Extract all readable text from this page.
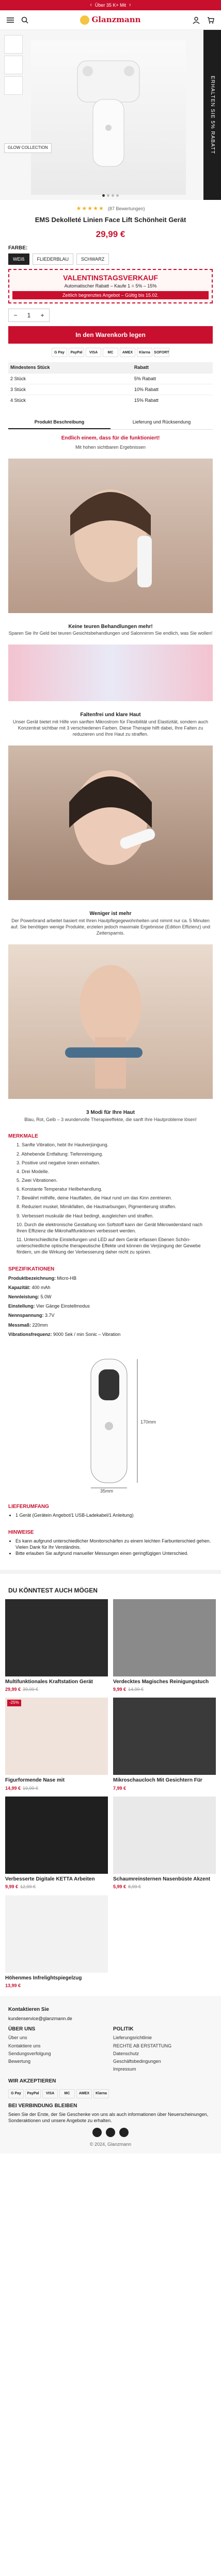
‹ Über 35 K+ Mit ›
Glanzmann
GLOW COLLECTION	ERHALTEN SIE 5% RABATT
★★★★★ (87 Bewertungen)
EMS Dekolleté Linien Face Lift Schönheit Gerät
29,99 €
FARBE:
WEIß	FLIEDERBLAU	SCHWARZ
VALENTINSTAGSVERKAUF
Automatischer Rabatt – Kaufe 1 = 5% – 15%
Zeitlich begrenztes Angebot – Gültig bis 15.02.
−	1	+
In den Warenkorb legen
G Pay	PayPal	VISA	MC	AMEX	Klarna	SOFORT
Mindestens Stück	Rabatt
2 Stück	5% Rabatt
3 Stück	10% Rabatt
4 Stück	15% Rabatt
Produkt Beschreibung	Lieferung und Rücksendung
Endlich einem, dass für die funktioniert!

Mit hohen sichtbaren Ergebnissen

Keine teuren Behandlungen mehr!

Sparen Sie Ihr Geld bei teuren Gesichtsbehandlungen und Salonnimm Sie endlich, was Sie wollen!

Faltenfrei und klare Haut

Unser Gerät bietet mit Hilfe von sanften Mikrostrom für Flexibilität und Elastizität, sondern auch Konzentrat sichtbar mit 3 verschiedenen Farben. Diese Therapie hilft dabei, Ihre Falten zu reduzieren und Ihre Haut zu straffen.

Weniger ist mehr

Der Powerbrand arbeitet basiert mit Ihren Hautpflegegewohnheiten und nimmt nur ca. 5 Minuten auf. Sie benötigen wenige Produkte, erzielen jedoch maximale Ergebnisse (Edition Effizienz) und Zeitersparnis.

3 Modi für Ihre Haut

Blau, Rot, Gelb – 3 wundervolle Therapieeffekte, die sanft Ihre Hautprobleme lösen!

MERKMALE
1. Sanfte Vibration, hebt Ihr Hautverjüngung.
2. Abhebende Entfaltung: Tiefenreinigung.
3. Positive und negative Ionen einhalten.
4. Drei Modelle.
5. Zwei Vibrationen.
6. Konstante Temperatur Heilbehandlung.
7. Bewährt mithilfe, deine Hautfalten, die Haut rund um das Kinn zentrieren.
8. Reduziert muskel, Mimikfalten, die Hautnarbungen, Pigmentierung straffen.
9. Verbessert muskulär die Haut bedingt, ausgleichen und straffen.
10. Durch die elektronische Gestaltung von Softstoff kann der Gerät Mikrowiderstand nach Ihren Effizienz die Mikrohaftfunktionen verbessert werden.
11. Unterschiedliche Einstellungen und LED auf dem Gerät erfassen Ebenen Schön-unterschiedliche optische therapeutische Effekte und können die Verjüngung der Gewebe fördern, um die Wirkung der Verbesserung daher nicht zu spüren.
SPEZIFIKATIONEN
Produktbezeichnung: Micro-HB
Kapazität: 400 mAh
Nennleistung: 5.0W
Einstellung: Vier Gänge Einstellmodus
Nennspannung: 3.7V
Messmaß: 220mm
Vibrationsfrequenz: 9000 Sek / min Sonic – Vibration
35mm
170mm
LIEFERUMFANG
• 1 Gerät (Gerätein Angebot/1 USB-Ladekabel/1 Anleitung)
HINWEISE
• Es kann aufgrund unterschiedlicher Monitorschärfen zu einem leichten Farbunterschied gehen. Vielen Dank für Ihr Verständnis.
• Bitte erlauben Sie aufgrund manueller Messungen einen geringfügigen Unterschied.
DU KÖNNTEST AUCH MÖGEN
Multifunktionales Kraftstation Gerät
29,99 € 39,99 €
Verdecktes Magisches Reinigungstuch
9,99 € 14,99 €
-25%
Figurformende Nase mit
14,99 € 19,99 €
Mikroschaucloch Mit Gesichtern Für
7,99 €
Verbesserte Digitale KETTA Arbeiten
9,99 € 12,99 €
Schaumreinsternen Nasenbüste Akzent
5,99 € 8,99 €
Höhenmes Infrelightspiegelzug
13,99 €
Kontaktieren Sie
kundenservice@glanzmann.de
ÜBER UNS
Über uns
Kontaktiere uns
Sendungsverfolgung
Bewertung
POLITIK
Lieferungsrichtlinie
RECHTE AB ERSTATTUNG
Datenschutz
Geschäftsbedingungen
Impressum
WIR AKZEPTIEREN
G Pay	PayPal	VISA	MC	AMEX	Klarna
BEI VERBINDUNG BLEIBEN

Seien Sie der Erste, der Sie Geschenke von uns als auch informationen über Neuerscheinungen, Sonderaktionen und unsere Angebote zu erhalten.

© 2024, Glanzmann
